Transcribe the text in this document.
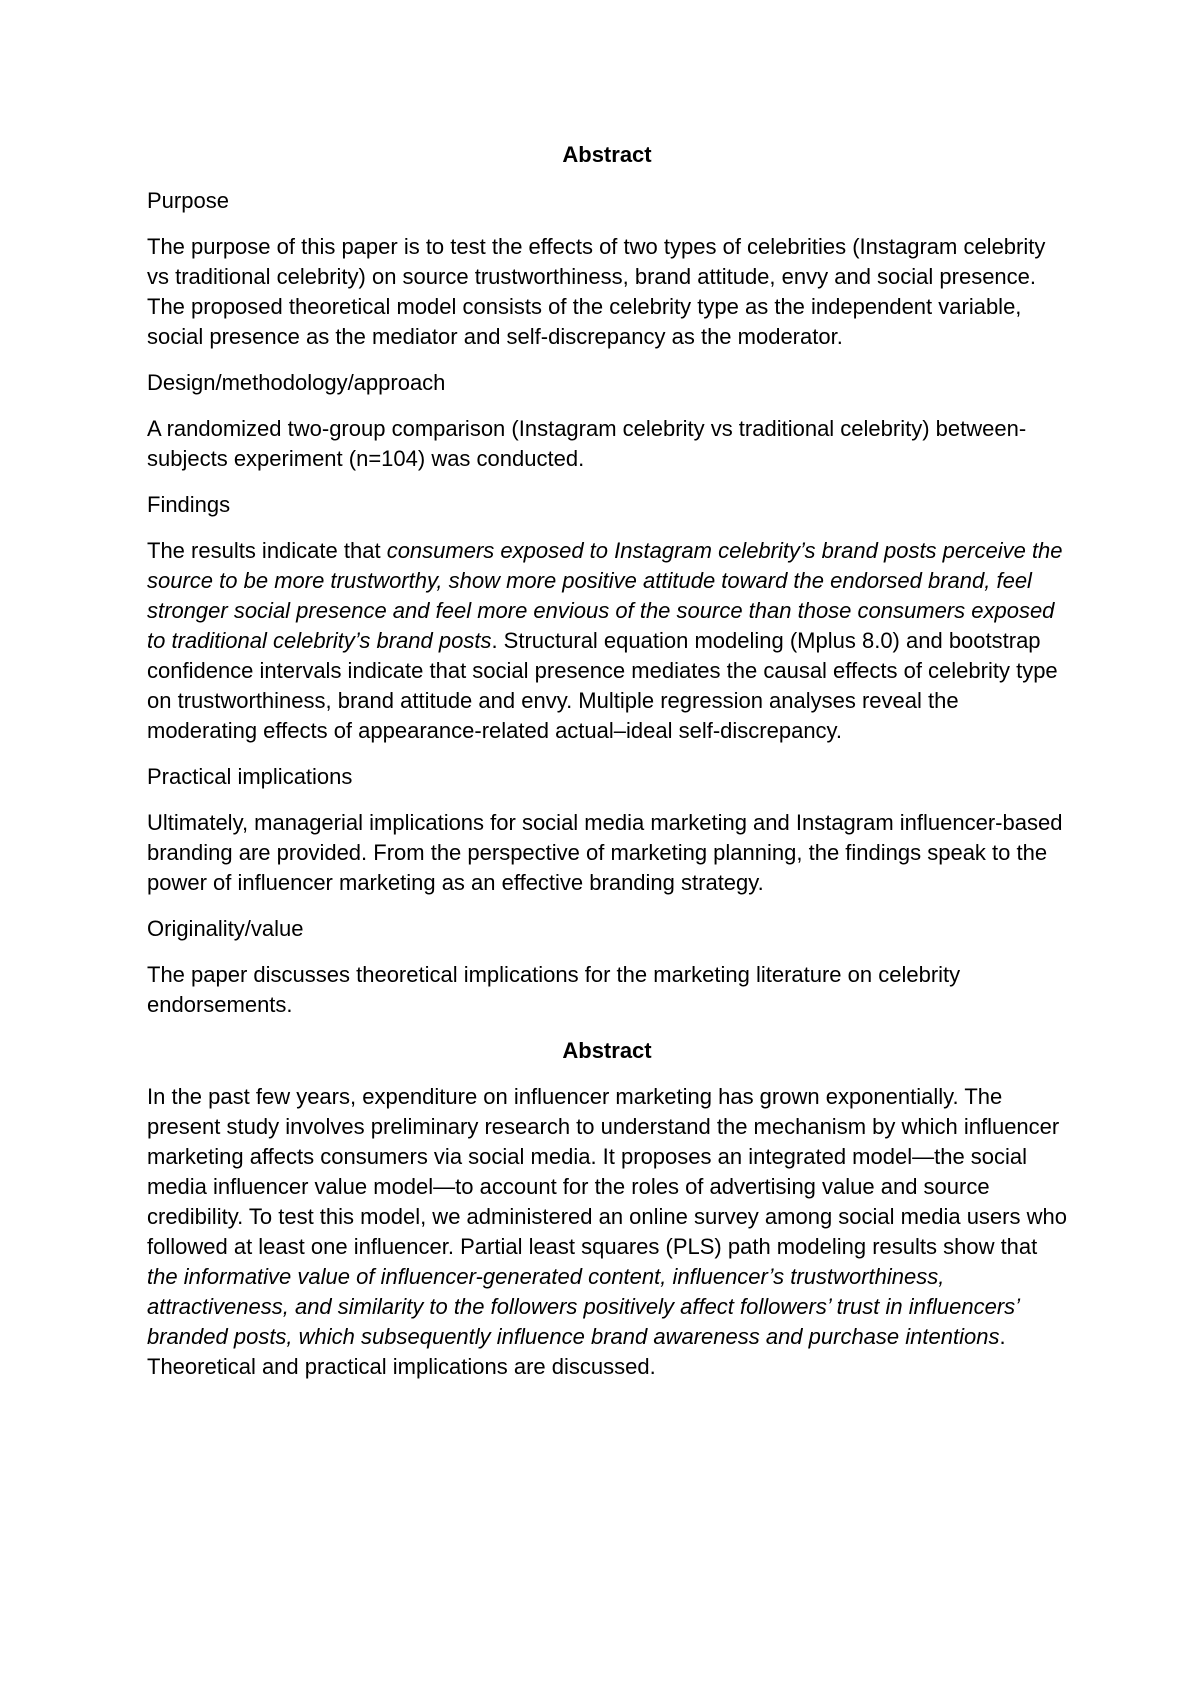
Abstract
Purpose

The purpose of this paper is to test the effects of two types of celebrities (Instagram celebrity vs traditional celebrity) on source trustworthiness, brand attitude, envy and social presence. The proposed theoretical model consists of the celebrity type as the independent variable, social presence as the mediator and self-discrepancy as the moderator.

Design/methodology/approach

A randomized two-group comparison (Instagram celebrity vs traditional celebrity) between-subjects experiment (n=104) was conducted.

Findings

The results indicate that consumers exposed to Instagram celebrity’s brand posts perceive the source to be more trustworthy, show more positive attitude toward the endorsed brand, feel stronger social presence and feel more envious of the source than those consumers exposed to traditional celebrity’s brand posts. Structural equation modeling (Mplus 8.0) and bootstrap confidence intervals indicate that social presence mediates the causal effects of celebrity type on trustworthiness, brand attitude and envy. Multiple regression analyses reveal the moderating effects of appearance-related actual–ideal self-discrepancy.

Practical implications

Ultimately, managerial implications for social media marketing and Instagram influencer-based branding are provided. From the perspective of marketing planning, the findings speak to the power of influencer marketing as an effective branding strategy.

Originality/value

The paper discusses theoretical implications for the marketing literature on celebrity endorsements.

Abstract

In the past few years, expenditure on influencer marketing has grown exponentially. The present study involves preliminary research to understand the mechanism by which influencer marketing affects consumers via social media. It proposes an integrated model—the social media influencer value model—to account for the roles of advertising value and source credibility. To test this model, we administered an online survey among social media users who followed at least one influencer. Partial least squares (PLS) path modeling results show that the informative value of influencer-generated content, influencer’s trustworthiness, attractiveness, and similarity to the followers positively affect followers’ trust in influencers’ branded posts, which subsequently influence brand awareness and purchase intentions. Theoretical and practical implications are discussed.
